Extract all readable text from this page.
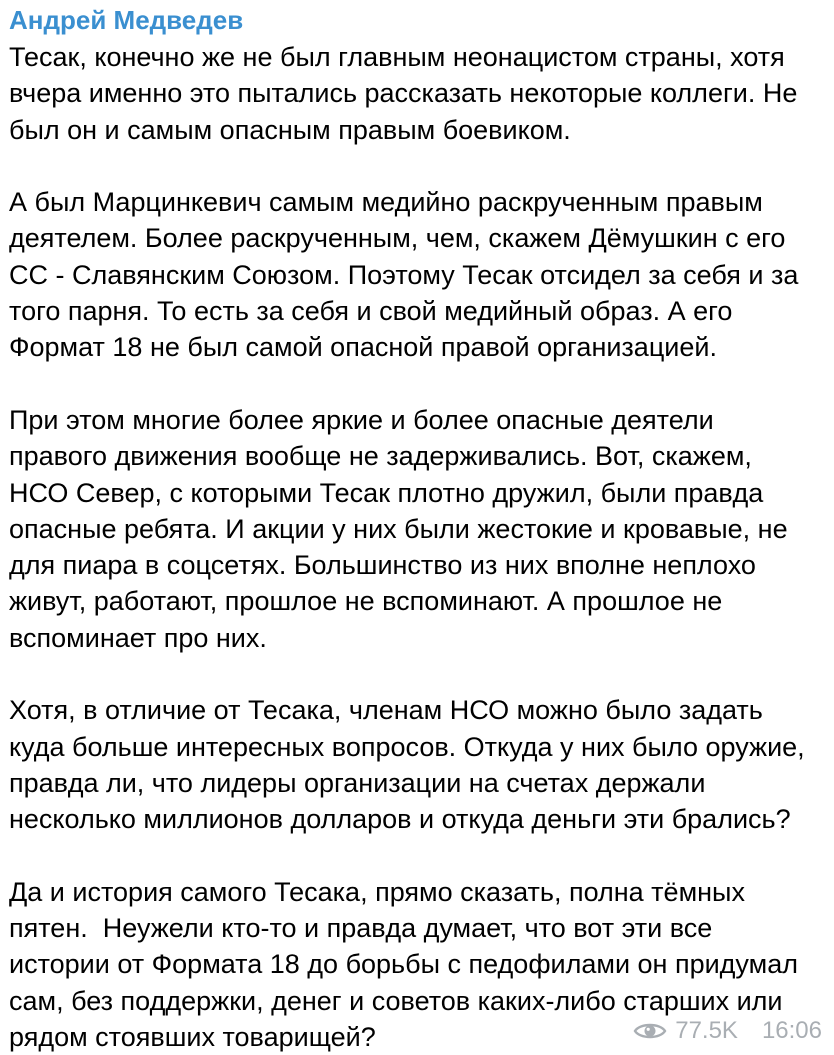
Андрей Медведев
Тесак, конечно же не был главным неонацистом страны, хотя
вчера именно это пытались рассказать некоторые коллеги. Не
был он и самым опасным правым боевиком.
А был Марцинкевич самым медийно раскрученным правым
деятелем. Более раскрученным, чем, скажем Дёмушкин с его
СС - Славянским Союзом. Поэтому Тесак отсидел за себя и за
того парня. То есть за себя и свой медийный образ. А его
Формат 18 не был самой опасной правой организацией.
При этом многие более яркие и более опасные деятели
правого движения вообще не задерживались. Вот, скажем,
НСО Север, с которыми Тесак плотно дружил, были правда
опасные ребята. И акции у них были жестокие и кровавые, не
для пиара в соцсетях. Большинство из них вполне неплохо
живут, работают, прошлое не вспоминают. А прошлое не
вспоминает про них.
Хотя, в отличие от Тесака, членам НСО можно было задать
куда больше интересных вопросов. Откуда у них было оружие,
правда ли, что лидеры организации на счетах держали
несколько миллионов долларов и откуда деньги эти брались?
Да и история самого Тесака, прямо сказать, полна тёмных
пятен.  Неужели кто-то и правда думает, что вот эти все
истории от Формата 18 до борьбы с педофилами он придумал
сам, без поддержки, денег и советов каких-либо старших или
рядом стоявших товарищей?	77.5K 16:06
